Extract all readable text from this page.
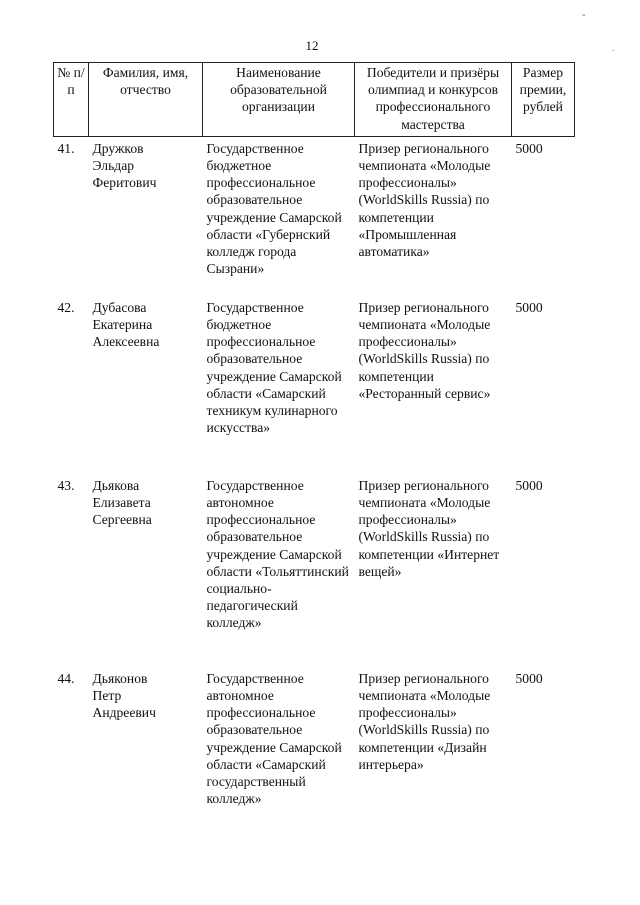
-
.
12
№ п/п	Фамилия, имя, отчество	Наименование образовательной организации	Победители и призёры олимпиад и конкурсов профессионального мастерства	Размер премии, рублей
41.	Дружков
Эльдар
Феритович	Государственное бюджетное профессиональное образовательное учреждение Самарской области «Губернский колледж города Сызрани»	Призер регионального чемпионата «Молодые профессионалы» (WorldSkills Russia) по компетенции «Промышленная автоматика»	5000
42.	Дубасова
Екатерина
Алексеевна	Государственное бюджетное профессиональное образовательное учреждение Самарской области «Самарский техникум кулинарного искусства»	Призер регионального чемпионата «Молодые профессионалы» (WorldSkills Russia) по компетенции «Ресторанный сервис»	5000
43.	Дьякова
Елизавета
Сергеевна	Государственное автономное профессиональное образовательное учреждение Самарской области «Тольяттинский социально-педагогический колледж»	Призер регионального чемпионата «Молодые профессионалы» (WorldSkills Russia) по компетенции «Интернет вещей»	5000
44.	Дьяконов
Петр
Андреевич	Государственное автономное профессиональное образовательное учреждение Самарской области «Самарский государственный колледж»	Призер регионального чемпионата «Молодые профессионалы» (WorldSkills Russia) по компетенции «Дизайн интерьера»	5000
